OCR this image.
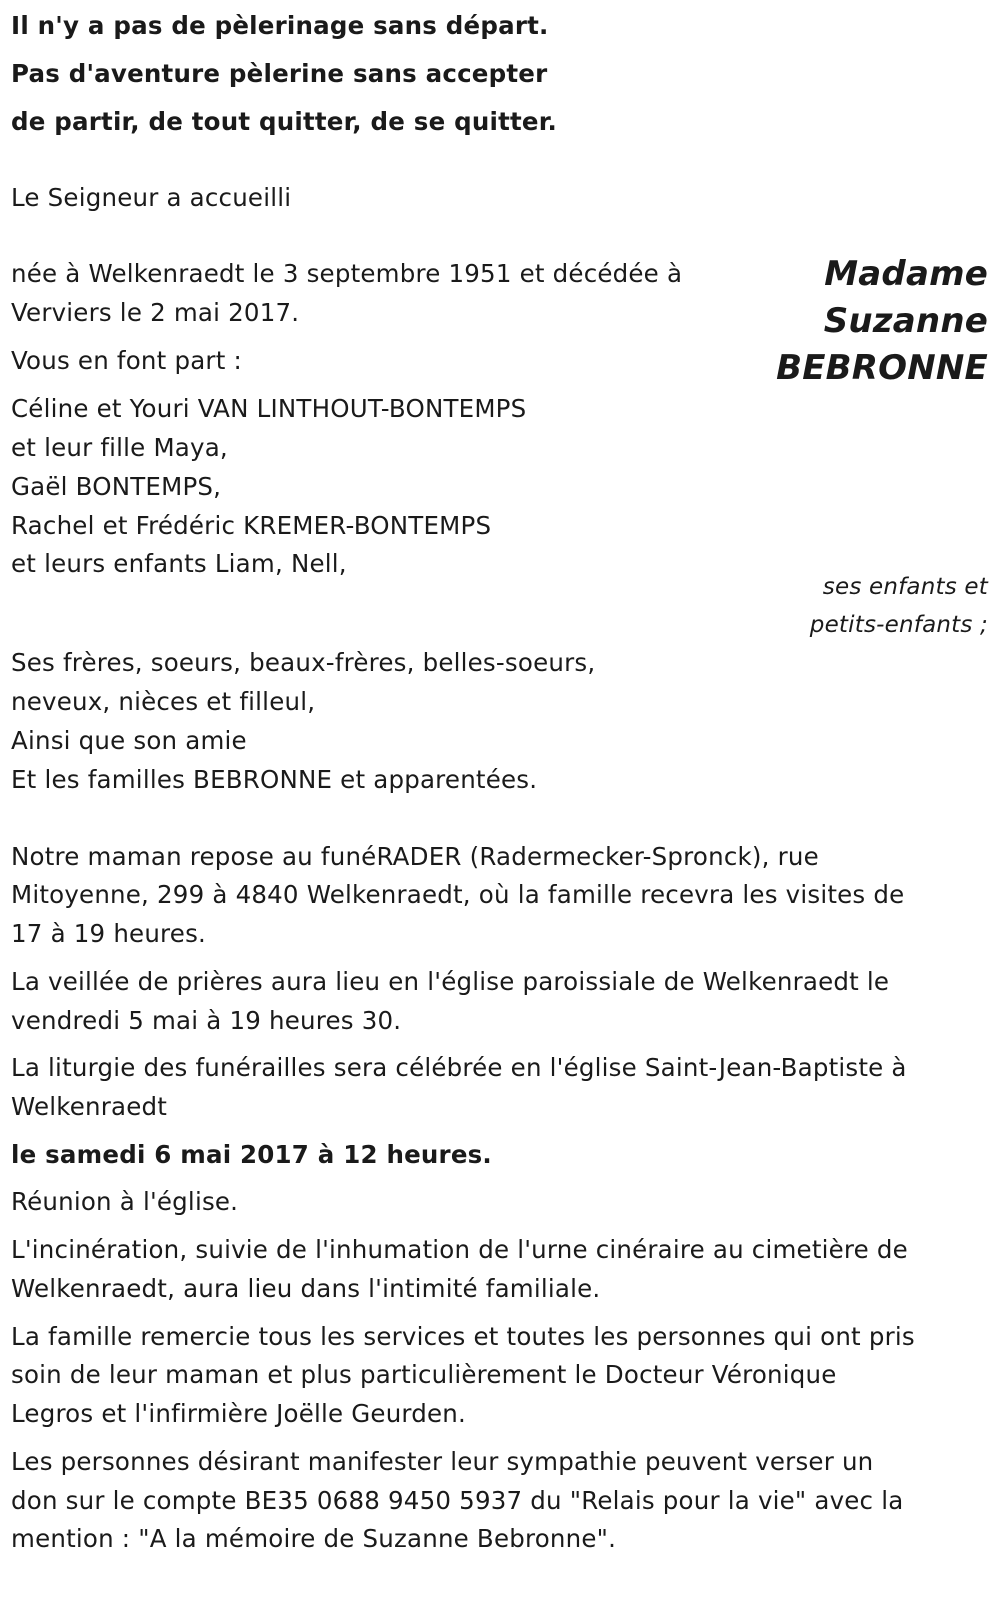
Il n'y a pas de pèlerinage sans départ.
Pas d'aventure pèlerine sans accepter
de partir, de tout quitter, de se quitter.
Le Seigneur a accueilli
Madame
Suzanne
BEBRONNE
née à Welkenraedt le 3 septembre 1951 et décédée à
Verviers le 2 mai 2017.
Vous en font part :
Céline et Youri VAN LINTHOUT-BONTEMPS
et leur fille Maya,
Gaël BONTEMPS,
Rachel et Frédéric KREMER-BONTEMPS
et leurs enfants Liam, Nell,
ses enfants et
petits-enfants ;
Ses frères, soeurs, beaux-frères, belles-soeurs,
neveux, nièces et filleul,
Ainsi que son amie
Et les familles BEBRONNE et apparentées.
Notre maman repose au funéRADER (Radermecker-Spronck), rue
Mitoyenne, 299 à 4840 Welkenraedt, où la famille recevra les visites de
17 à 19 heures.
La veillée de prières aura lieu en l'église paroissiale de Welkenraedt le
vendredi 5 mai à 19 heures 30.
La liturgie des funérailles sera célébrée en l'église Saint-Jean-Baptiste à
Welkenraedt
le samedi 6 mai 2017 à 12 heures.
Réunion à l'église.
L'incinération, suivie de l'inhumation de l'urne cinéraire au cimetière de
Welkenraedt, aura lieu dans l'intimité familiale.
La famille remercie tous les services et toutes les personnes qui ont pris
soin de leur maman et plus particulièrement le Docteur Véronique
Legros et l'infirmière Joëlle Geurden.
Les personnes désirant manifester leur sympathie peuvent verser un
don sur le compte BE35 0688 9450 5937 du "Relais pour la vie" avec la
mention : "A la mémoire de Suzanne Bebronne".
